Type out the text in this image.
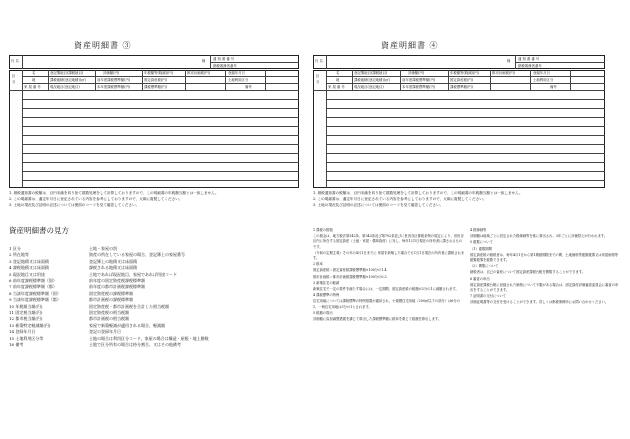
資産明細書 ③
氏 名	様 通 知 書 番 号
納税義務者番号
区
分
名	登記簿地目(課税地目)	評価額(円)	年税額等(軽減)(円)	都市計画税(円)	登録年月日
地	課税地積(登記地積)(㎡)	前年度課税標準額(円)	固定資産税(円)	土地利用区分
家 屋 番 号	現況地目(登記地目)	本年度課税標準額(円)	課税標準額(円)	備考
1. 納税通知書の税額は、百円未満を切り捨て端数処理をして計算しておりますので、この明細書の年税額当額とは一致しません。
2. この明細書は、適定年月日に登記されている内容を参考にしておりますので、大綱に複製してください。
3. 土地の現況及び証明の記述については裏面のコードを見て確認してください。
資産明細書 ④
氏 名	様 通 知 書 番 号
納税義務者番号
区
分
名	登記簿地目(課税地目)	評価額(円)	年税額等(軽減)(円)	都市計画税(円)	登録年月日
地	課税地積(登記地積)(㎡)	前年度課税標準額(円)	固定資産税(円)	土地利用区分
家 屋 番 号	現況地目(登記地目)	本年度課税標準額(円)	課税標準額(円)	備考
1. 納税通知書の税額は、百円未満を切り捨て端数処理をして計算しておりますので、この明細書の年税額当額とは一致しません。
2. この明細書は、適定年月日に登記されている内容を参考にしておりますので、大綱に複製してください。
3. 土地の現況及び証明の記述については裏面のコードを見て確認してください。
資産明細書の見方
1 区分	土地・家屋の別
2 所在地等	資産の所在している家屋の場合、登記簿上の家屋番号
3 登記地積又は床面積	登記簿上の地積又は床面積
4 課税地積又は床面積	課税される地積又は床面積
5 現況地目又は用途	土地であれば現況地目、家屋であれば用途コード
6 前年度課税標準額（固）	前年度の固定資産税課税標準額
7 前年度課税標準額（都）	前年度の都市計画税課税標準額
8 当該年度課税標準額（固）	固定資産税の課税標準額
9 当該年度課税標準額（都）	都市計画税の課税標準額
10 年税額当額(円)	固定資産税・都市計画税を合計した相当税額
11 固定税当額(円)	固定資産税の相当税額
12 都市税当額(円)	都市計画税の相当税額
13 新築特定軽減額(円)	家屋で新築軽減が適用される場合、軽減額
14 登録年月日	登記の登録年月日
15 土地利用区分等	土地の場合は利用区分コード、家屋の場合は構造・屋根・地上階数
16 備考	土地で区分所有の場合は持分割合、又はその他備考

1 課税の根拠

この税金は、地方税法第342条、第343条及び第702条並びに世田谷区都税条例の規定により、世田谷区内に所在する固定資産（土地・家屋・償却資産）に対し、毎年1月1日現在の所有者に課されるものです。

（令和の定期主義）その年の4月1日までに 家屋を新築した場合でも1月1日現在の所有者に課税されます。

2 税率

固定資産税＝固定資産税課税標準額×100分の1.4

都市計画税＝都市計画税課税標準額×100分の0.3

3 新築住宅の軽減

新築住宅で一定の要件を満たす場合には、一定期間、固定資産税の税額が2分の1に減額されます。

4 課税標準の特例

住宅用地については課税標準の特例措置が適用され、小規模住宅用地（200㎡以下の部分）は6分の1、一般住宅用地は3分の1とされます。

5 税額の算出

評価額に負担調整措置を講じて算出した課税標準額に税率を乗じて税額を算出します。

4 路線価等

評価額は地域ごとに設定された路線価等を基に算出され、3年ごとに評価替えが行われます。

5 縦覧について

（1）縦覧期間

固定資産税の納税者は、毎年4月1日から第1期納期限までの間、土地価格等縦覧帳簿又は家屋価格等縦覧帳簿を縦覧できます。

（2）閲覧について

納税者は、自己の資産について固定資産課税台帳を閲覧することができます。

6 審査の申出

固定資産課税台帳に登録された価格について不服がある場合は、固定資産評価審査委員会に審査の申出をすることができます。

7 証明書の交付について

評価証明書等の交付を受けることができます。詳しくは都税事務所にお問い合わせください。
